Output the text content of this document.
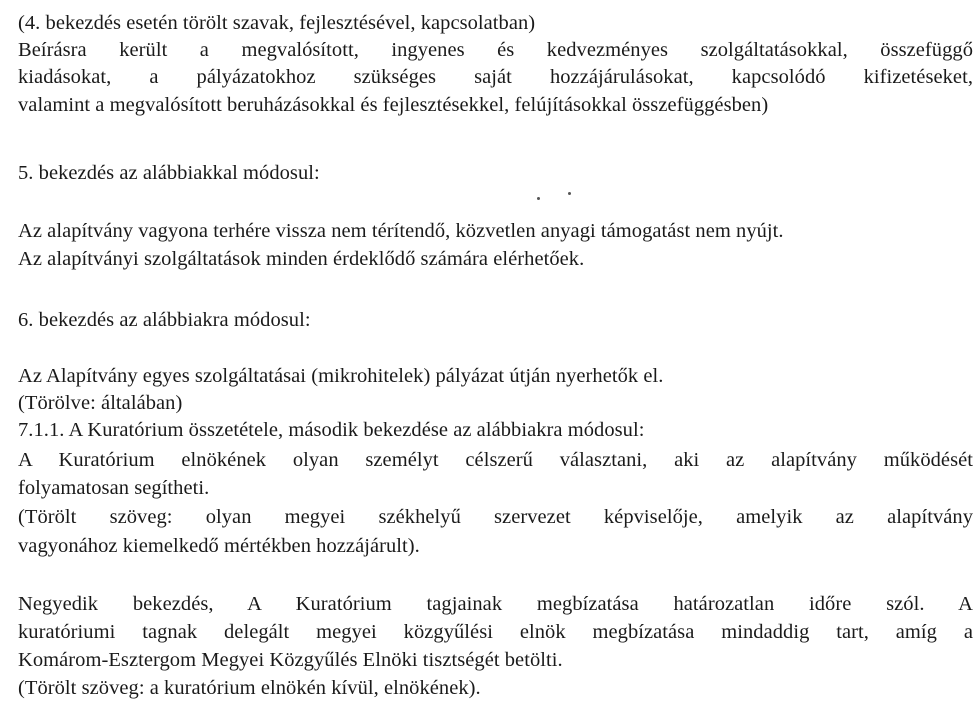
(4. bekezdés esetén törölt szavak, fejlesztésével, kapcsolatban)
Beírásra került a megvalósított, ingyenes és kedvezményes szolgáltatásokkal, összefüggő
kiadásokat, a pályázatokhoz szükséges saját hozzájárulásokat, kapcsolódó kifizetéseket,
valamint a megvalósított beruházásokkal és fejlesztésekkel, felújításokkal összefüggésben)
5. bekezdés az alábbiakkal módosul:
Az alapítvány vagyona terhére vissza nem térítendő, közvetlen anyagi támogatást nem nyújt.
Az alapítványi szolgáltatások minden érdeklődő számára elérhetőek.
6. bekezdés az alábbiakra módosul:
Az Alapítvány egyes szolgáltatásai (mikrohitelek) pályázat útján nyerhetők el.
(Törölve: általában)
7.1.1. A Kuratórium összetétele, második bekezdése az alábbiakra módosul:
A Kuratórium elnökének olyan személyt célszerű választani, aki az alapítvány működését
folyamatosan segítheti.
(Törölt szöveg: olyan megyei székhelyű szervezet képviselője, amelyik az alapítvány
vagyonához kiemelkedő mértékben hozzájárult).
Negyedik bekezdés, A Kuratórium tagjainak megbízatása határozatlan időre szól. A
kuratóriumi tagnak delegált megyei közgyűlési elnök megbízatása mindaddig tart, amíg a
Komárom-Esztergom Megyei Közgyűlés Elnöki tisztségét betölti.
(Törölt szöveg: a kuratórium elnökén kívül, elnökének).
